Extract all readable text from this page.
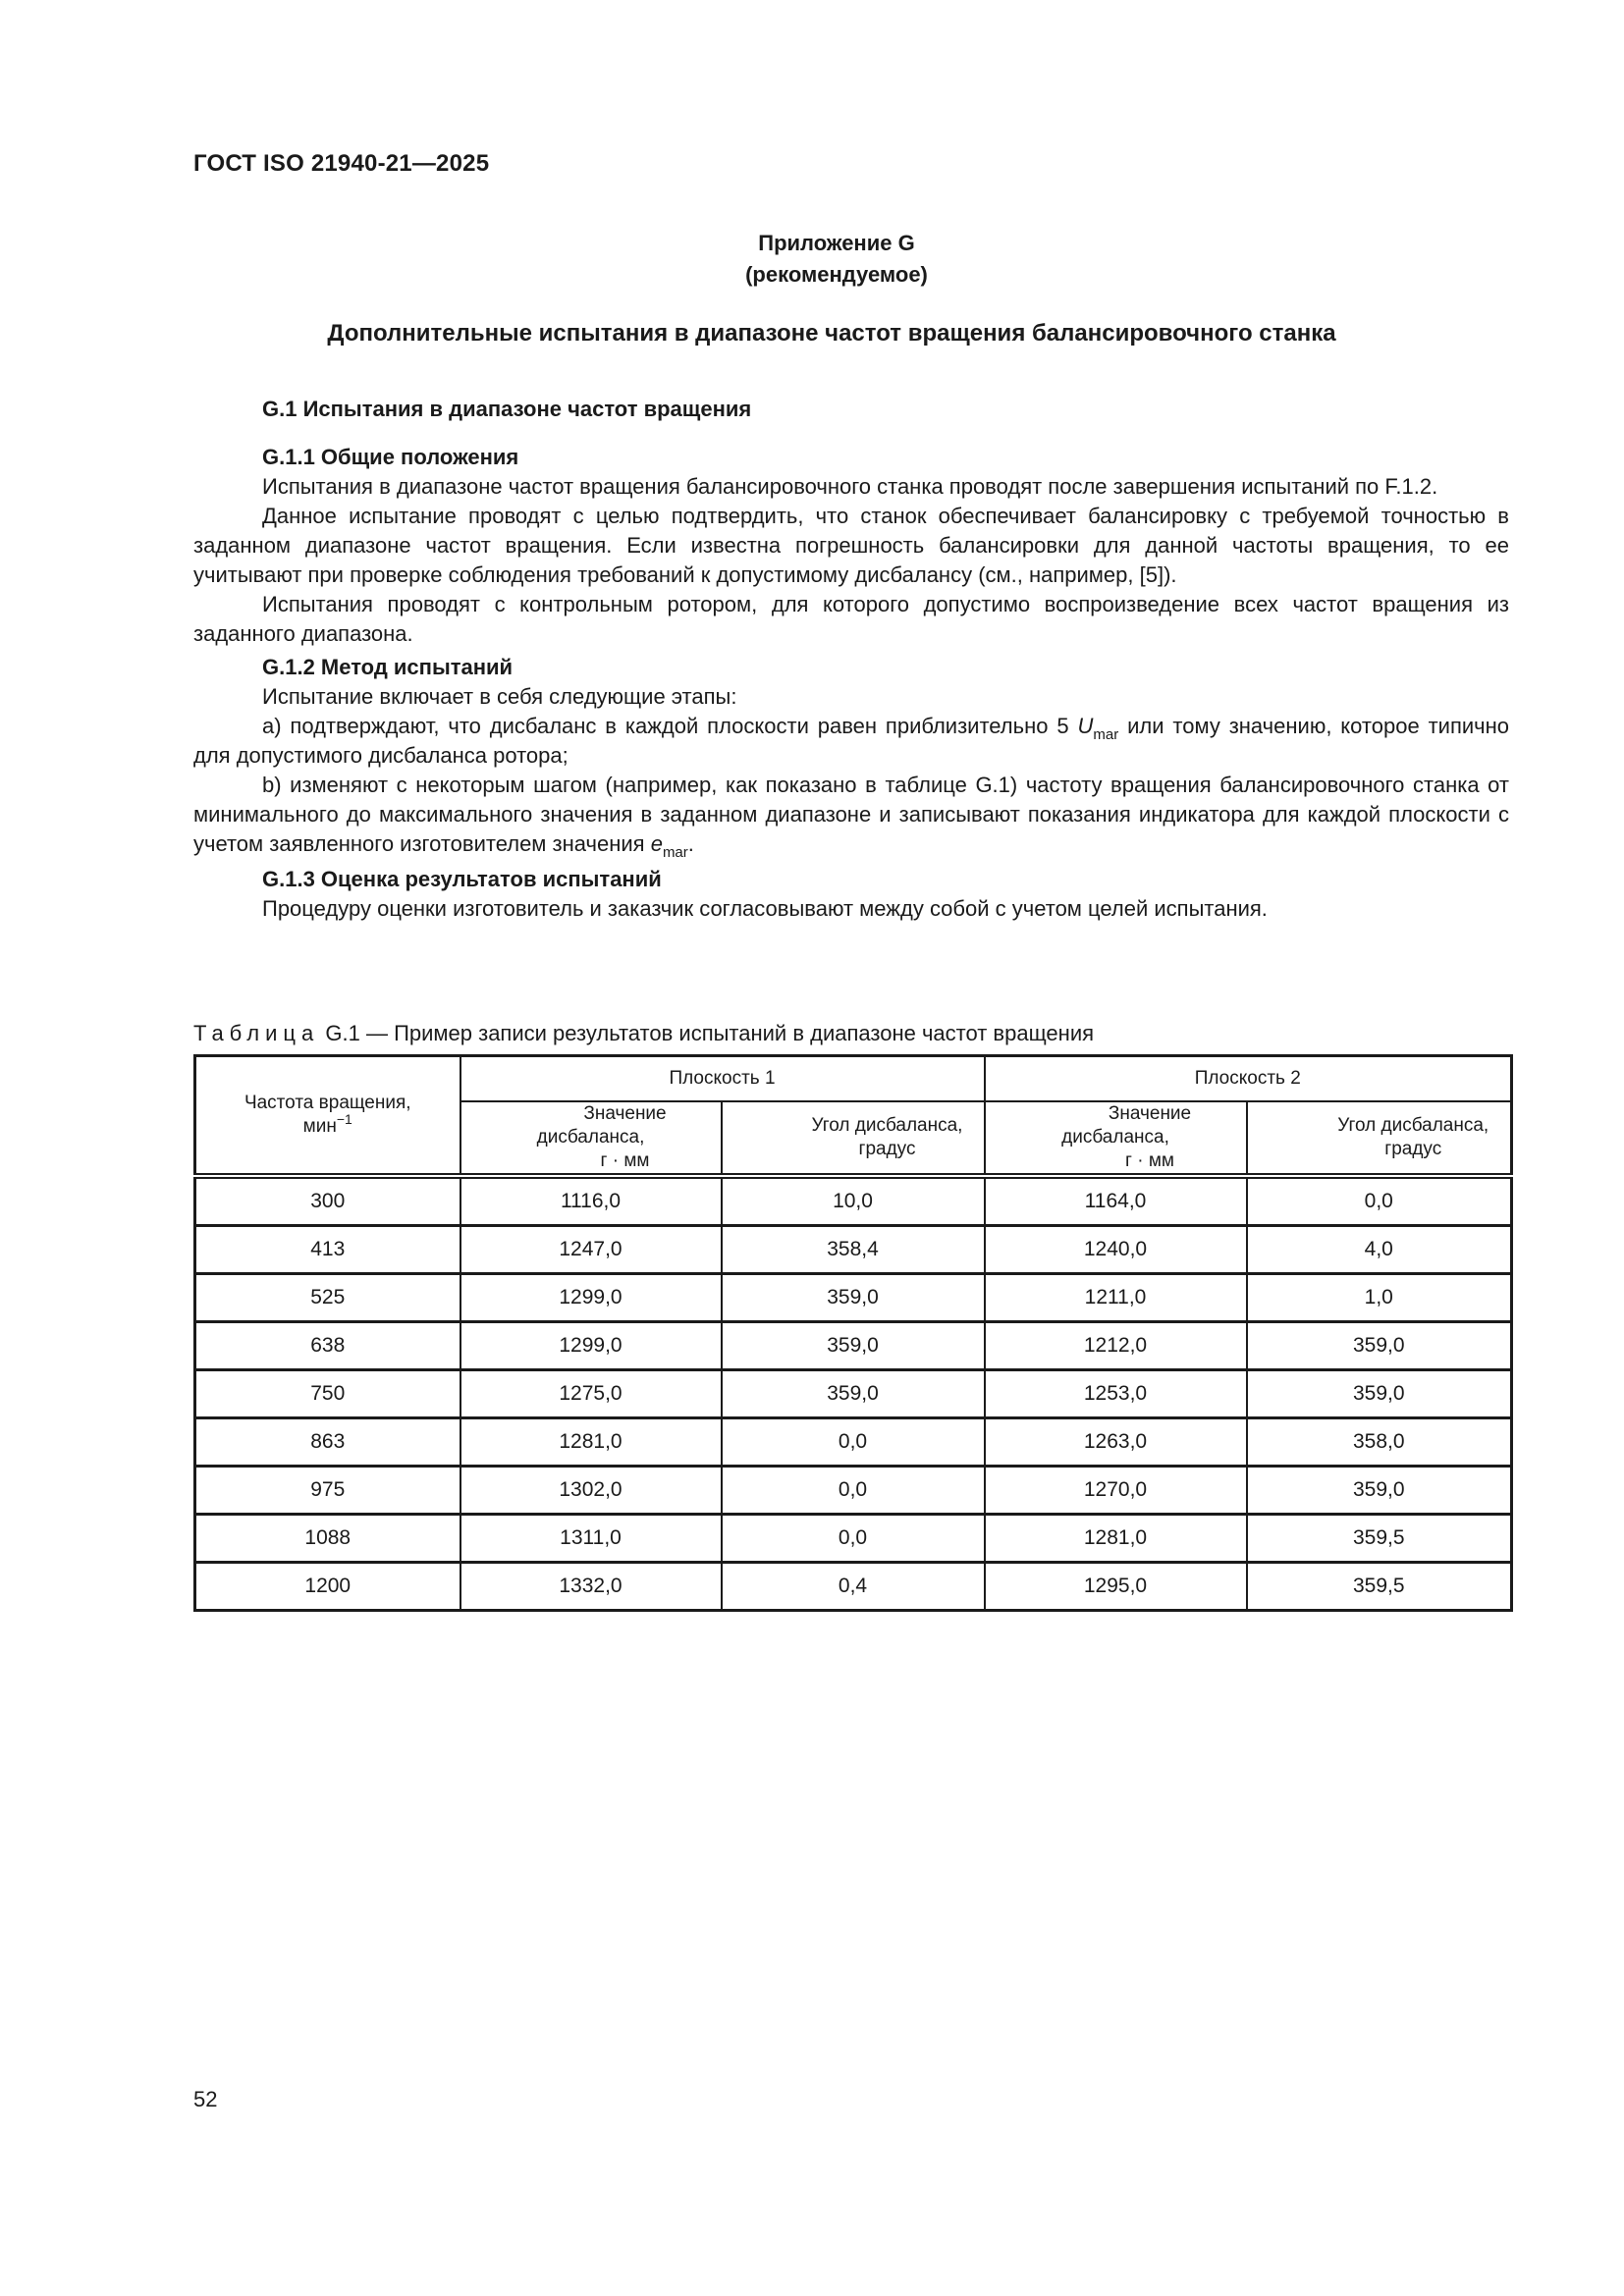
ГОСТ ISO 21940-21—2025
Приложение G
(рекомендуемое)
Дополнительные испытания в диапазоне частот вращения балансировочного станка
G.1 Испытания в диапазоне частот вращения
G.1.1 Общие положения
Испытания в диапазоне частот вращения балансировочного станка проводят после завершения испытаний по F.1.2.
Данное испытание проводят с целью подтвердить, что станок обеспечивает балансировку с требуемой точностью в заданном диапазоне частот вращения. Если известна погрешность балансировки для данной частоты вращения, то ее учитывают при проверке соблюдения требований к допустимому дисбалансу (см., например, [5]).
Испытания проводят с контрольным ротором, для которого допустимо воспроизведение всех частот вращения из заданного диапазона.
G.1.2 Метод испытаний
Испытание включает в себя следующие этапы:
a) подтверждают, что дисбаланс в каждой плоскости равен приблизительно 5 $U_{mar}$ или тому значению, которое типично для допустимого дисбаланса ротора;
b) изменяют с некоторым шагом (например, как показано в таблице G.1) частоту вращения балансировочного станка от минимального до максимального значения в заданном диапазоне и записывают показания индикатора для каждой плоскости с учетом заявленного изготовителем значения $e_{mar}$.
G.1.3 Оценка результатов испытаний
Процедуру оценки изготовитель и заказчик согласовывают между собой с учетом целей испытания.
Таблица G.1 — Пример записи результатов испытаний в диапазоне частот вращения
Частота вращения,
мин$^{-1}$	Плоскость 1		Плоскость 2	

Значение дисбаланса,
г · мм

Угол дисбаланса,
градус

Значение дисбаланса,
г · мм

Угол дисбаланса,
градус

300	1116,0	10,0	1164,0	0,0
413	1247,0	358,4	1240,0	4,0
525	1299,0	359,0	1211,0	1,0
638	1299,0	359,0	1212,0	359,0
750	1275,0	359,0	1253,0	359,0
863	1281,0	0,0	1263,0	358,0
975	1302,0	0,0	1270,0	359,0
1088	1311,0	0,0	1281,0	359,5
1200	1332,0	0,4	1295,0	359,5
52
